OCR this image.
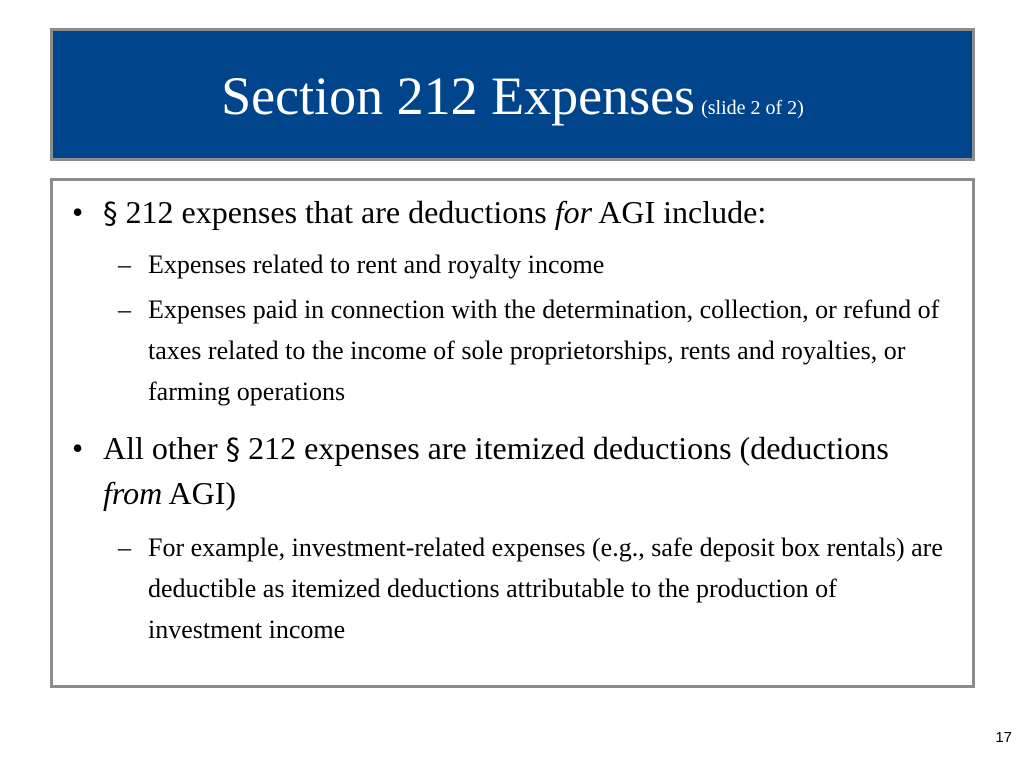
Section 212 Expenses (slide 2 of 2)
• § 212 expenses that are deductions for AGI include:
– Expenses related to rent and royalty income
– Expenses paid in connection with the determination, collection, or refund of taxes related to the income of sole proprietorships, rents and royalties, or farming operations
• All other § 212 expenses are itemized deductions (deductions from AGI)
– For example, investment-related expenses (e.g., safe deposit box rentals) are deductible as itemized deductions attributable to the production of investment income
17
